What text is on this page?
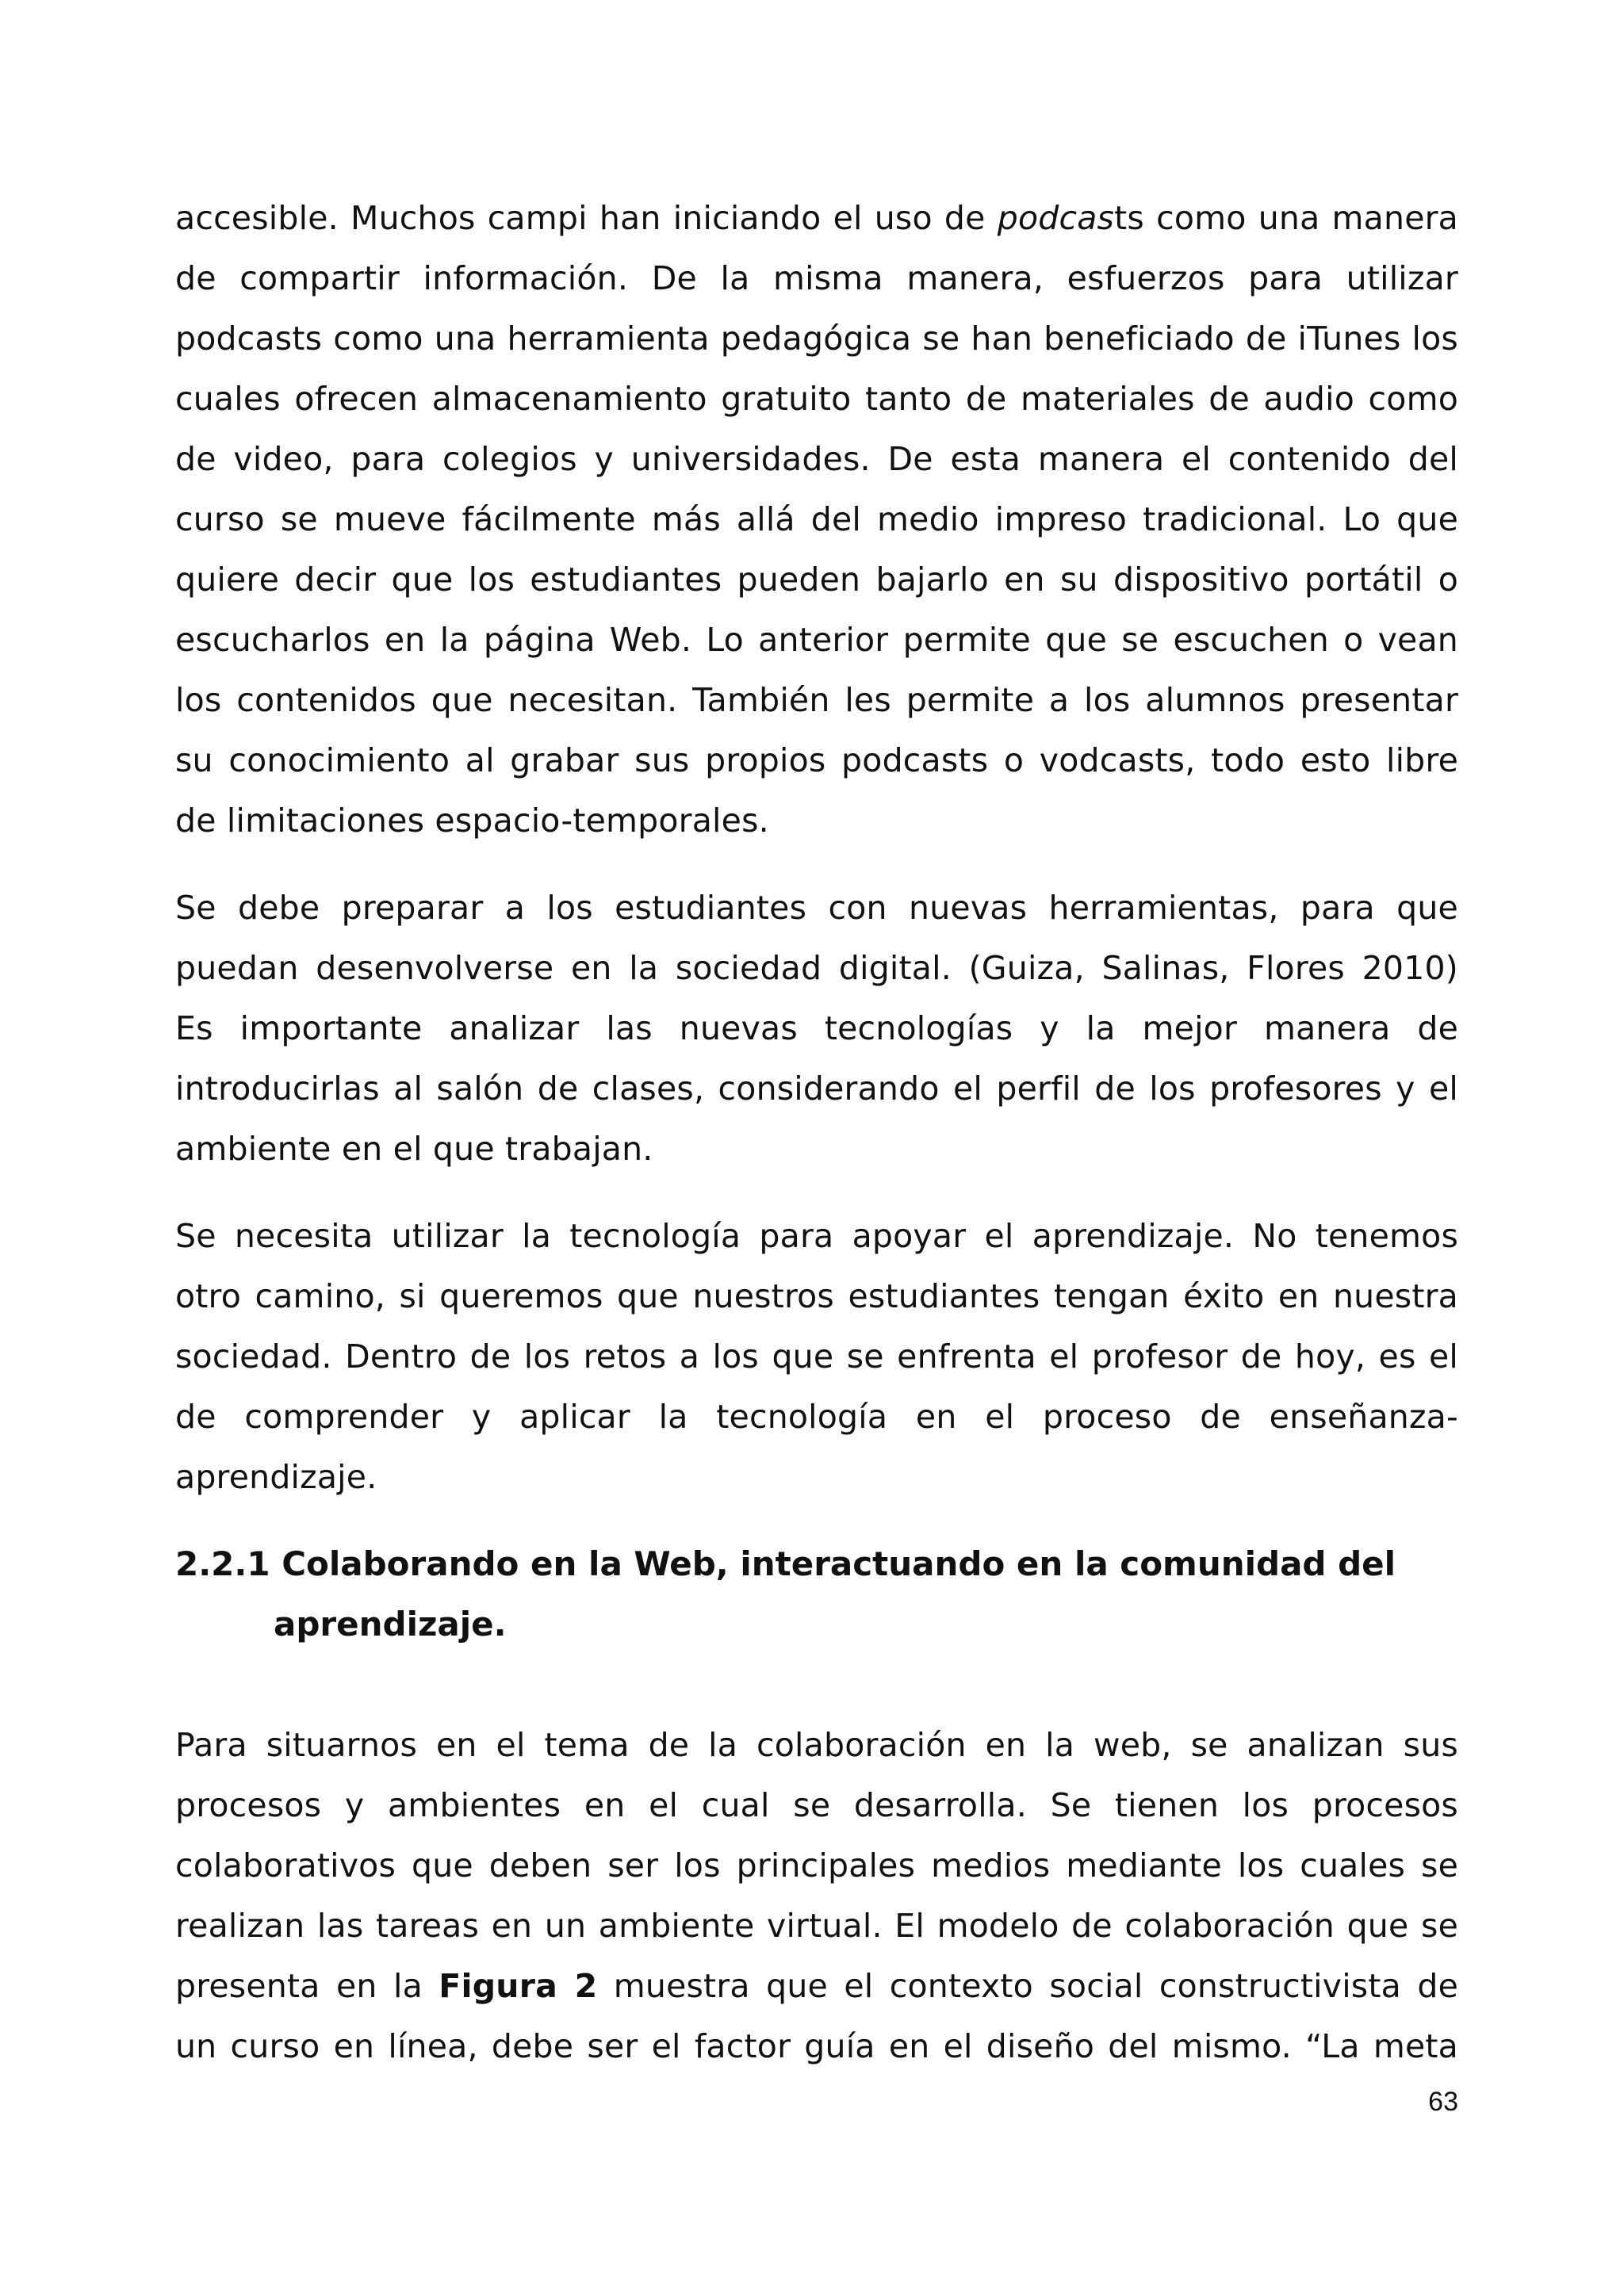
accesible. Muchos campi han iniciando el uso de podcasts como una manera
de compartir información. De la misma manera, esfuerzos para utilizar
podcasts como una herramienta pedagógica se han beneficiado de iTunes los
cuales ofrecen almacenamiento gratuito tanto de materiales de audio como
de video, para colegios y universidades. De esta manera el contenido del
curso se mueve fácilmente más allá del medio impreso tradicional. Lo que
quiere decir que los estudiantes pueden bajarlo en su dispositivo portátil o
escucharlos en la página Web. Lo anterior permite que se escuchen o vean
los contenidos que necesitan. También les permite a los alumnos presentar
su conocimiento al grabar sus propios podcasts o vodcasts, todo esto libre
de limitaciones espacio-temporales.

Se debe preparar a los estudiantes con nuevas herramientas, para que
puedan desenvolverse en la sociedad digital. (Guiza, Salinas, Flores 2010)
Es importante analizar las nuevas tecnologías y la mejor manera de
introducirlas al salón de clases, considerando el perfil de los profesores y el
ambiente en el que trabajan.

Se necesita utilizar la tecnología para apoyar el aprendizaje. No tenemos
otro camino, si queremos que nuestros estudiantes tengan éxito en nuestra
sociedad. Dentro de los retos a los que se enfrenta el profesor de hoy, es el
de comprender y aplicar la tecnología en el proceso de enseñanza-
aprendizaje.

2.2.1 Colaborando en la Web, interactuando en la comunidad del
aprendizaje.

Para situarnos en el tema de la colaboración en la web, se analizan sus
procesos y ambientes en el cual se desarrolla. Se tienen los procesos
colaborativos que deben ser los principales medios mediante los cuales se
realizan las tareas en un ambiente virtual. El modelo de colaboración que se
presenta en la Figura 2 muestra que el contexto social constructivista de
un curso en línea, debe ser el factor guía en el diseño del mismo. “La meta

63
